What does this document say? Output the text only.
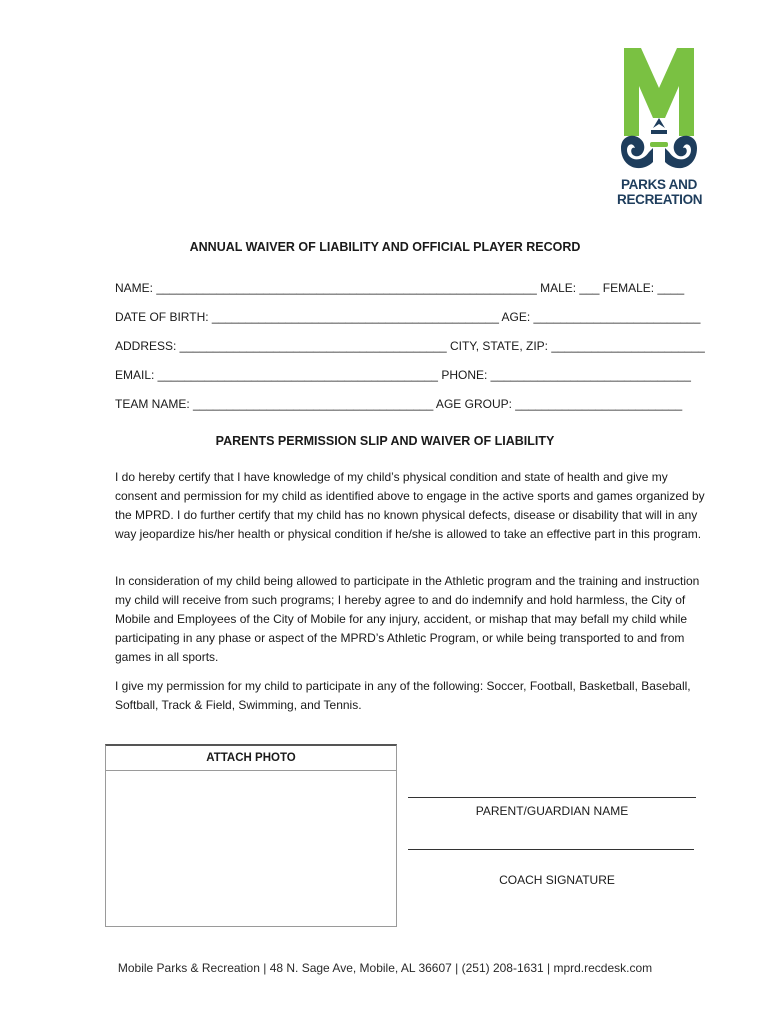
PARKS AND
RECREATION
ANNUAL WAIVER OF LIABILITY AND OFFICIAL PLAYER RECORD
NAME: _________________________________________________________ MALE: ___ FEMALE: ____
DATE OF BIRTH: ___________________________________________ AGE: _________________________
ADDRESS: ________________________________________ CITY, STATE, ZIP: _______________________
EMAIL: __________________________________________ PHONE: ______________________________
TEAM NAME: ____________________________________ AGE GROUP: _________________________
PARENTS PERMISSION SLIP AND WAIVER OF LIABILITY

I do hereby certify that I have knowledge of my child’s physical condition and state of health and give my consent and permission for my child as identified above to engage in the active sports and games organized by the MPRD. I do further certify that my child has no known physical defects, disease or disability that will in any way jeopardize his/her health or physical condition if he/she is allowed to take an effective part in this program.

In consideration of my child being allowed to participate in the Athletic program and the training and instruction my child will receive from such programs; I hereby agree to and do indemnify and hold harmless, the City of Mobile and Employees of the City of Mobile for any injury, accident, or mishap that may befall my child while participating in any phase or aspect of the MPRD’s Athletic Program, or while being transported to and from games in all sports.

I give my permission for my child to participate in any of the following: Soccer, Football, Basketball, Baseball, Softball, Track & Field, Swimming, and Tennis.

ATTACH PHOTO
PARENT/GUARDIAN NAME
COACH SIGNATURE
Mobile Parks & Recreation | 48 N. Sage Ave, Mobile, AL 36607 | (251) 208-1631 | mprd.recdesk.com
